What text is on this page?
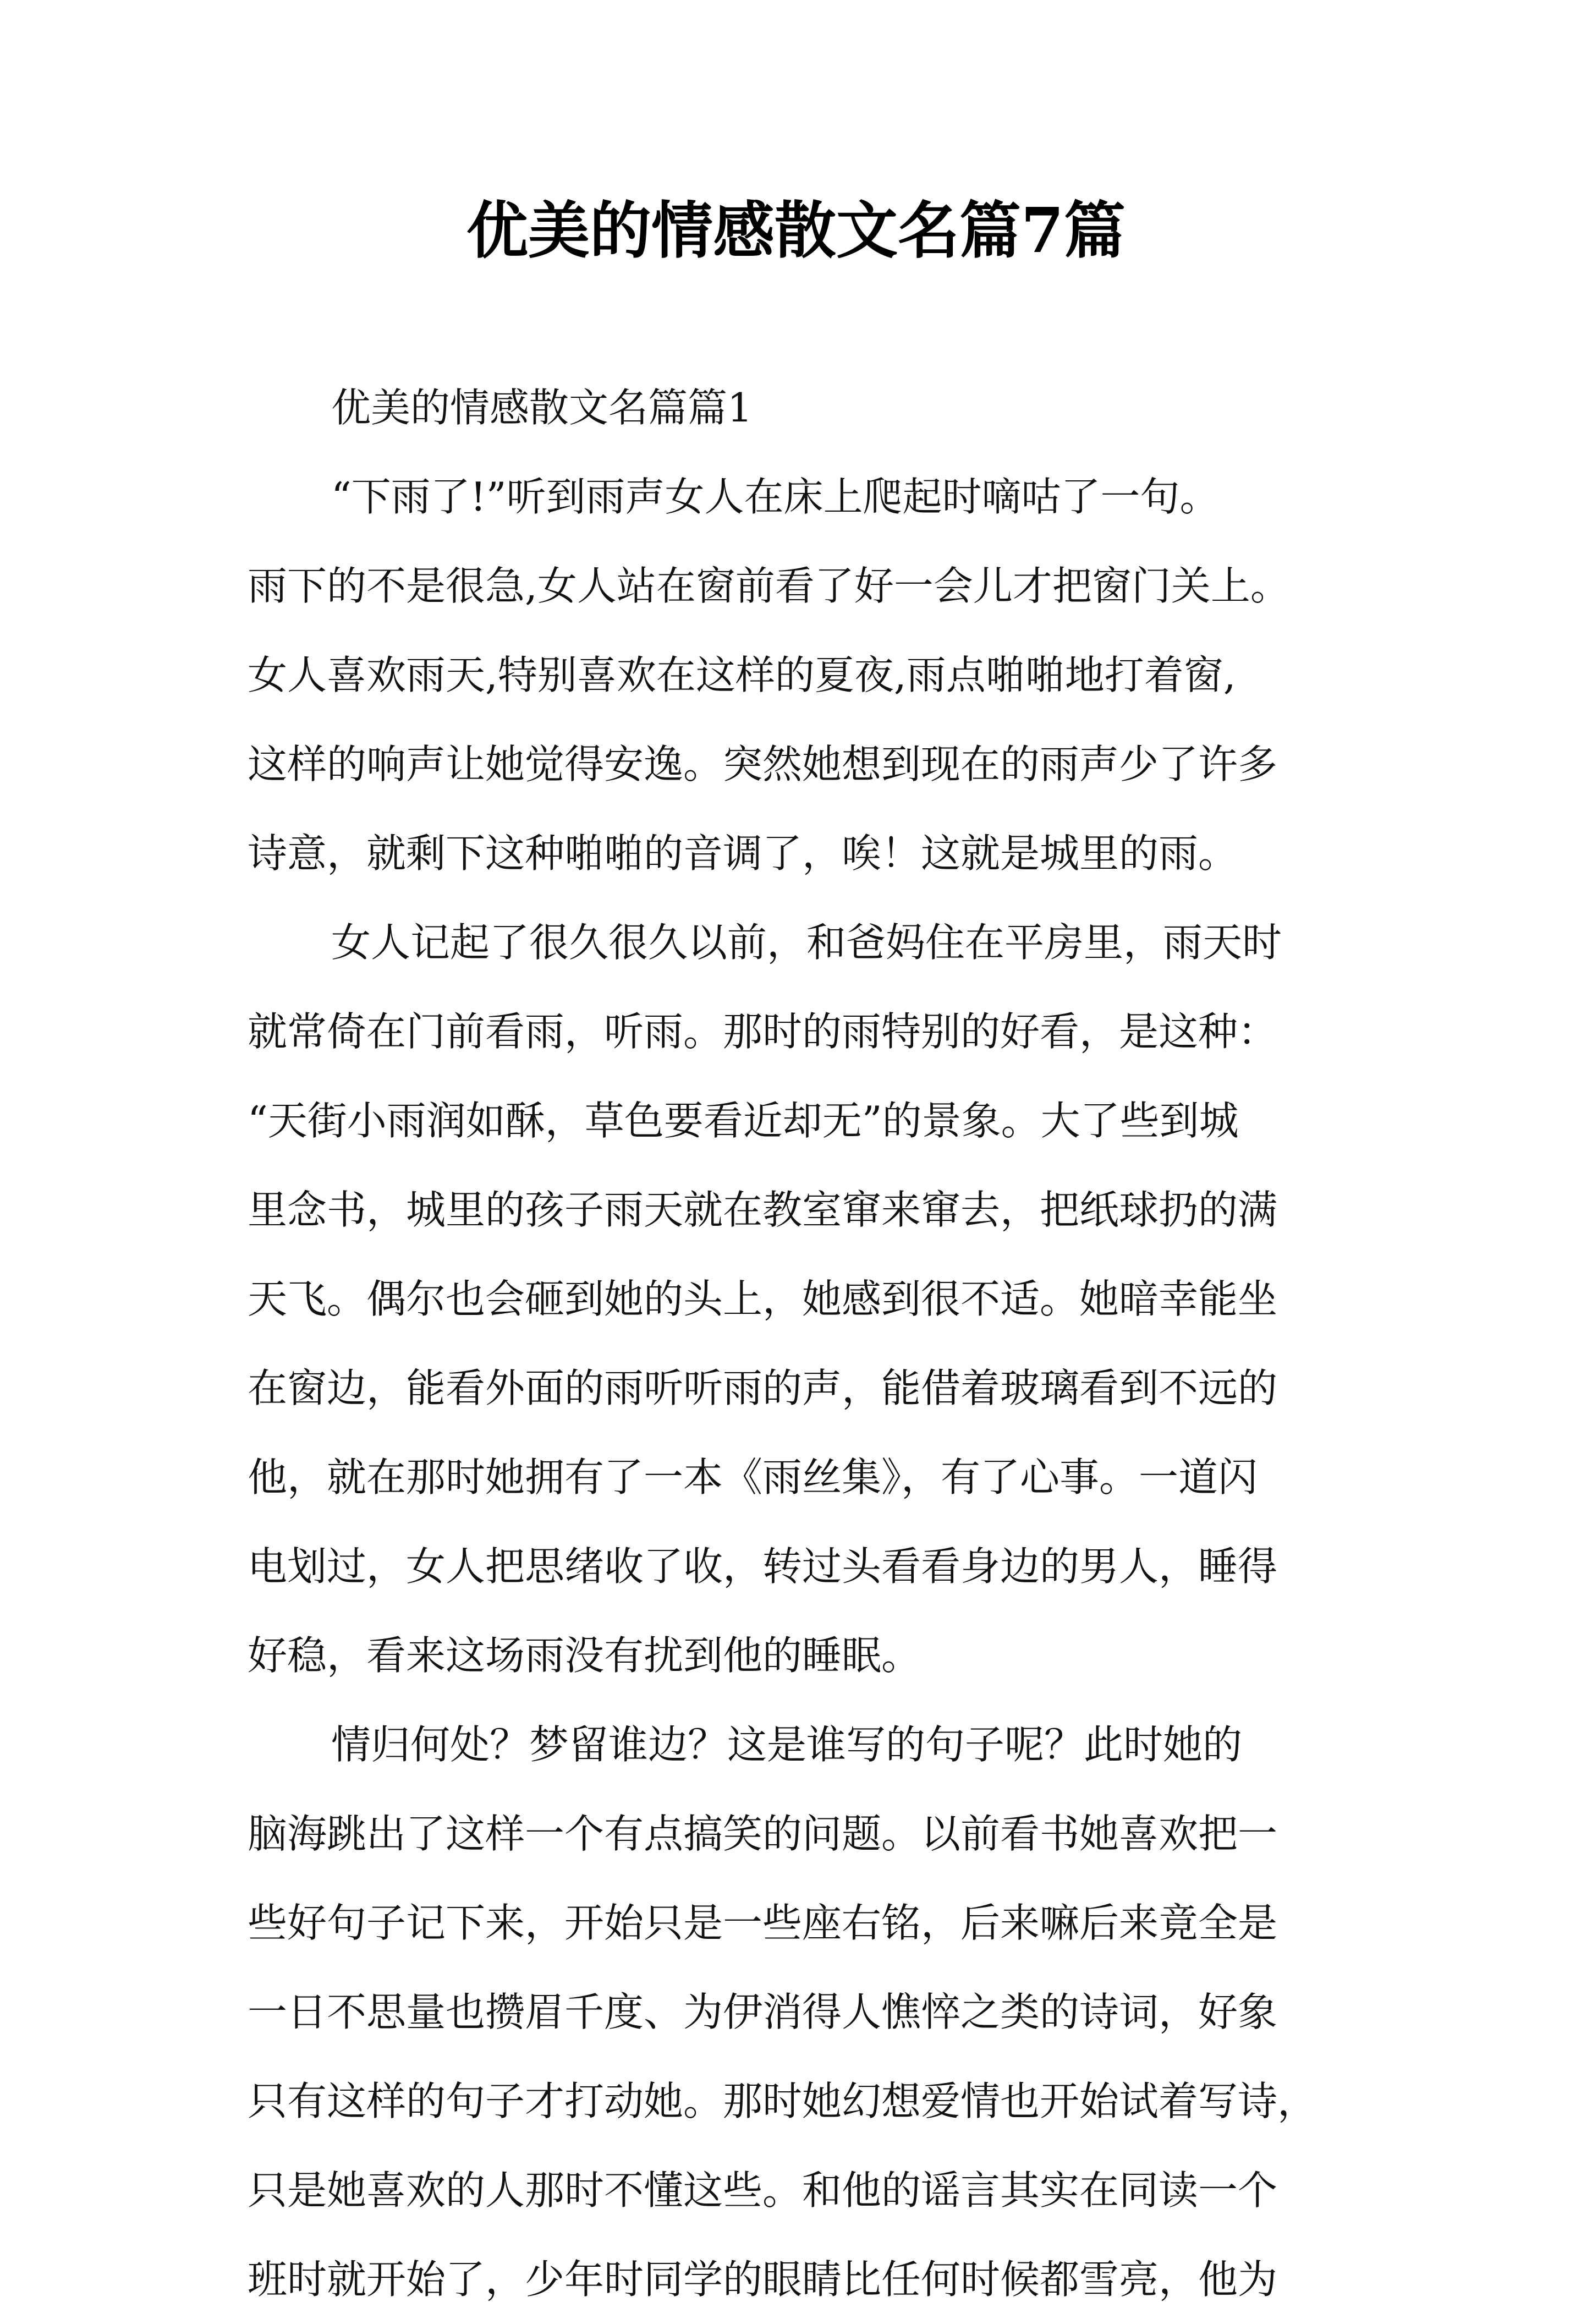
优美的情感散文名篇7篇
优美的情感散文名篇篇1
“下雨了!”听到雨声女人在床上爬起时嘀咕了一句。
雨下的不是很急,女人站在窗前看了好一会儿才把窗门关上。
女人喜欢雨天,特别喜欢在这样的夏夜,雨点啪啪地打着窗,
这样的响声让她觉得安逸。突然她想到现在的雨声少了许多
诗意，就剩下这种啪啪的音调了，唉！这就是城里的雨。
女人记起了很久很久以前，和爸妈住在平房里，雨天时
就常倚在门前看雨，听雨。那时的雨特别的好看，是这种：
“天街小雨润如酥，草色要看近却无”的景象。大了些到城
里念书，城里的孩子雨天就在教室窜来窜去，把纸球扔的满
天飞。偶尔也会砸到她的头上，她感到很不适。她暗幸能坐
在窗边，能看外面的雨听听雨的声，能借着玻璃看到不远的
他，就在那时她拥有了一本《雨丝集》，有了心事。一道闪
电划过，女人把思绪收了收，转过头看看身边的男人，睡得
好稳，看来这场雨没有扰到他的睡眠。
情归何处？梦留谁边？这是谁写的句子呢？此时她的
脑海跳出了这样一个有点搞笑的问题。以前看书她喜欢把一
些好句子记下来，开始只是一些座右铭，后来嘛后来竟全是
一日不思量也攒眉千度、为伊消得人憔悴之类的诗词，好象
只有这样的句子才打动她。那时她幻想爱情也开始试着写诗，
只是她喜欢的人那时不懂这些。和他的谣言其实在同读一个
班时就开始了，少年时同学的眼睛比任何时候都雪亮，他为
